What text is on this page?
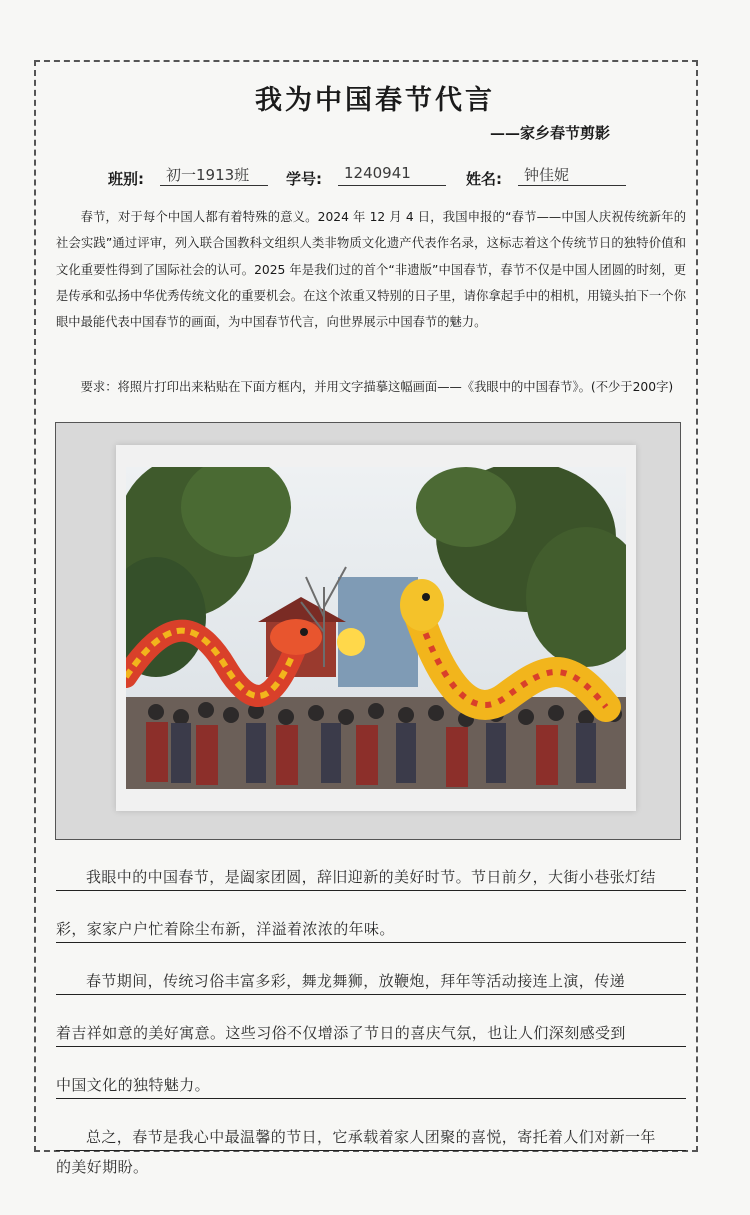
我为中国春节代言
——家乡春节剪影
班别:	初一1913班	学号:	1240941	姓名:	钟佳妮
春节，对于每个中国人都有着特殊的意义。2024 年 12 月 4 日，我国申报的“春节——中国人庆祝传统新年的社会实践”通过评审，列入联合国教科文组织人类非物质文化遗产代表作名录，这标志着这个传统节日的独特价值和文化重要性得到了国际社会的认可。2025 年是我们过的首个“非遗版”中国春节，春节不仅是中国人团圆的时刻，更是传承和弘扬中华优秀传统文化的重要机会。在这个浓重又特别的日子里，请你拿起手中的相机，用镜头拍下一个你眼中最能代表中国春节的画面，为中国春节代言，向世界展示中国春节的魅力。
要求：将照片打印出来粘贴在下面方框内，并用文字描摹这幅画面——《我眼中的中国春节》。(不少于200字)
我眼中的中国春节，是阖家团圆，辞旧迎新的美好时节。节日前夕，大街小巷张灯结
彩，家家户户忙着除尘布新，洋溢着浓浓的年味。
春节期间，传统习俗丰富多彩，舞龙舞狮，放鞭炮，拜年等活动接连上演，传递
着吉祥如意的美好寓意。这些习俗不仅增添了节日的喜庆气氛，也让人们深刻感受到
中国文化的独特魅力。
总之，春节是我心中最温馨的节日，它承载着家人团聚的喜悦，寄托着人们对新一年
的美好期盼。
